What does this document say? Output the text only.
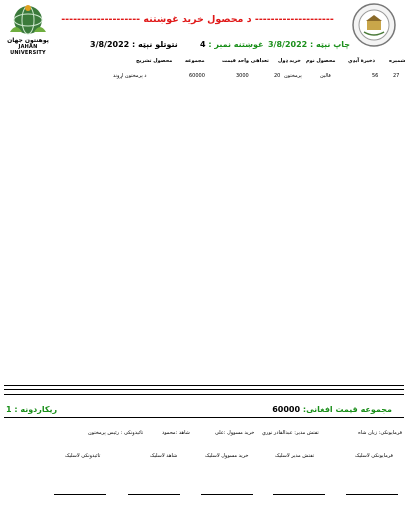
پوهنتون جهان
JAHAN UNIVERSITY
-------------------- د محصول خريد غوښتنه --------------------
چاپ نېټه : 3/8/2022
غوښتنه نمبر : 4
نتوتلو نېټه : 3/8/2022
شمېره
ذخيرۀ آيډي
محصول نوم
خريد ډول
تعداد
فی واحد قیمت
مجموعه
محصول تشریح
27
56
قالین
پرمختون
20
3000
60000
د پرمختون اړوند
مجموعه قیمت افغانی: 60000
ريکاردونه : 1
فرمايونکی: زبان شاه
تفتش مدير: عبدالقادر نوري
خريد مسوول :علی
شاهد :محمود
تائيدونکی : رئيس پرمختون
فرمايونکی لاسليک
تفتش مدير لاسليک
خريد مسوول لاسليک
شاهد لاسليک
تائيدونکی لاسليک
